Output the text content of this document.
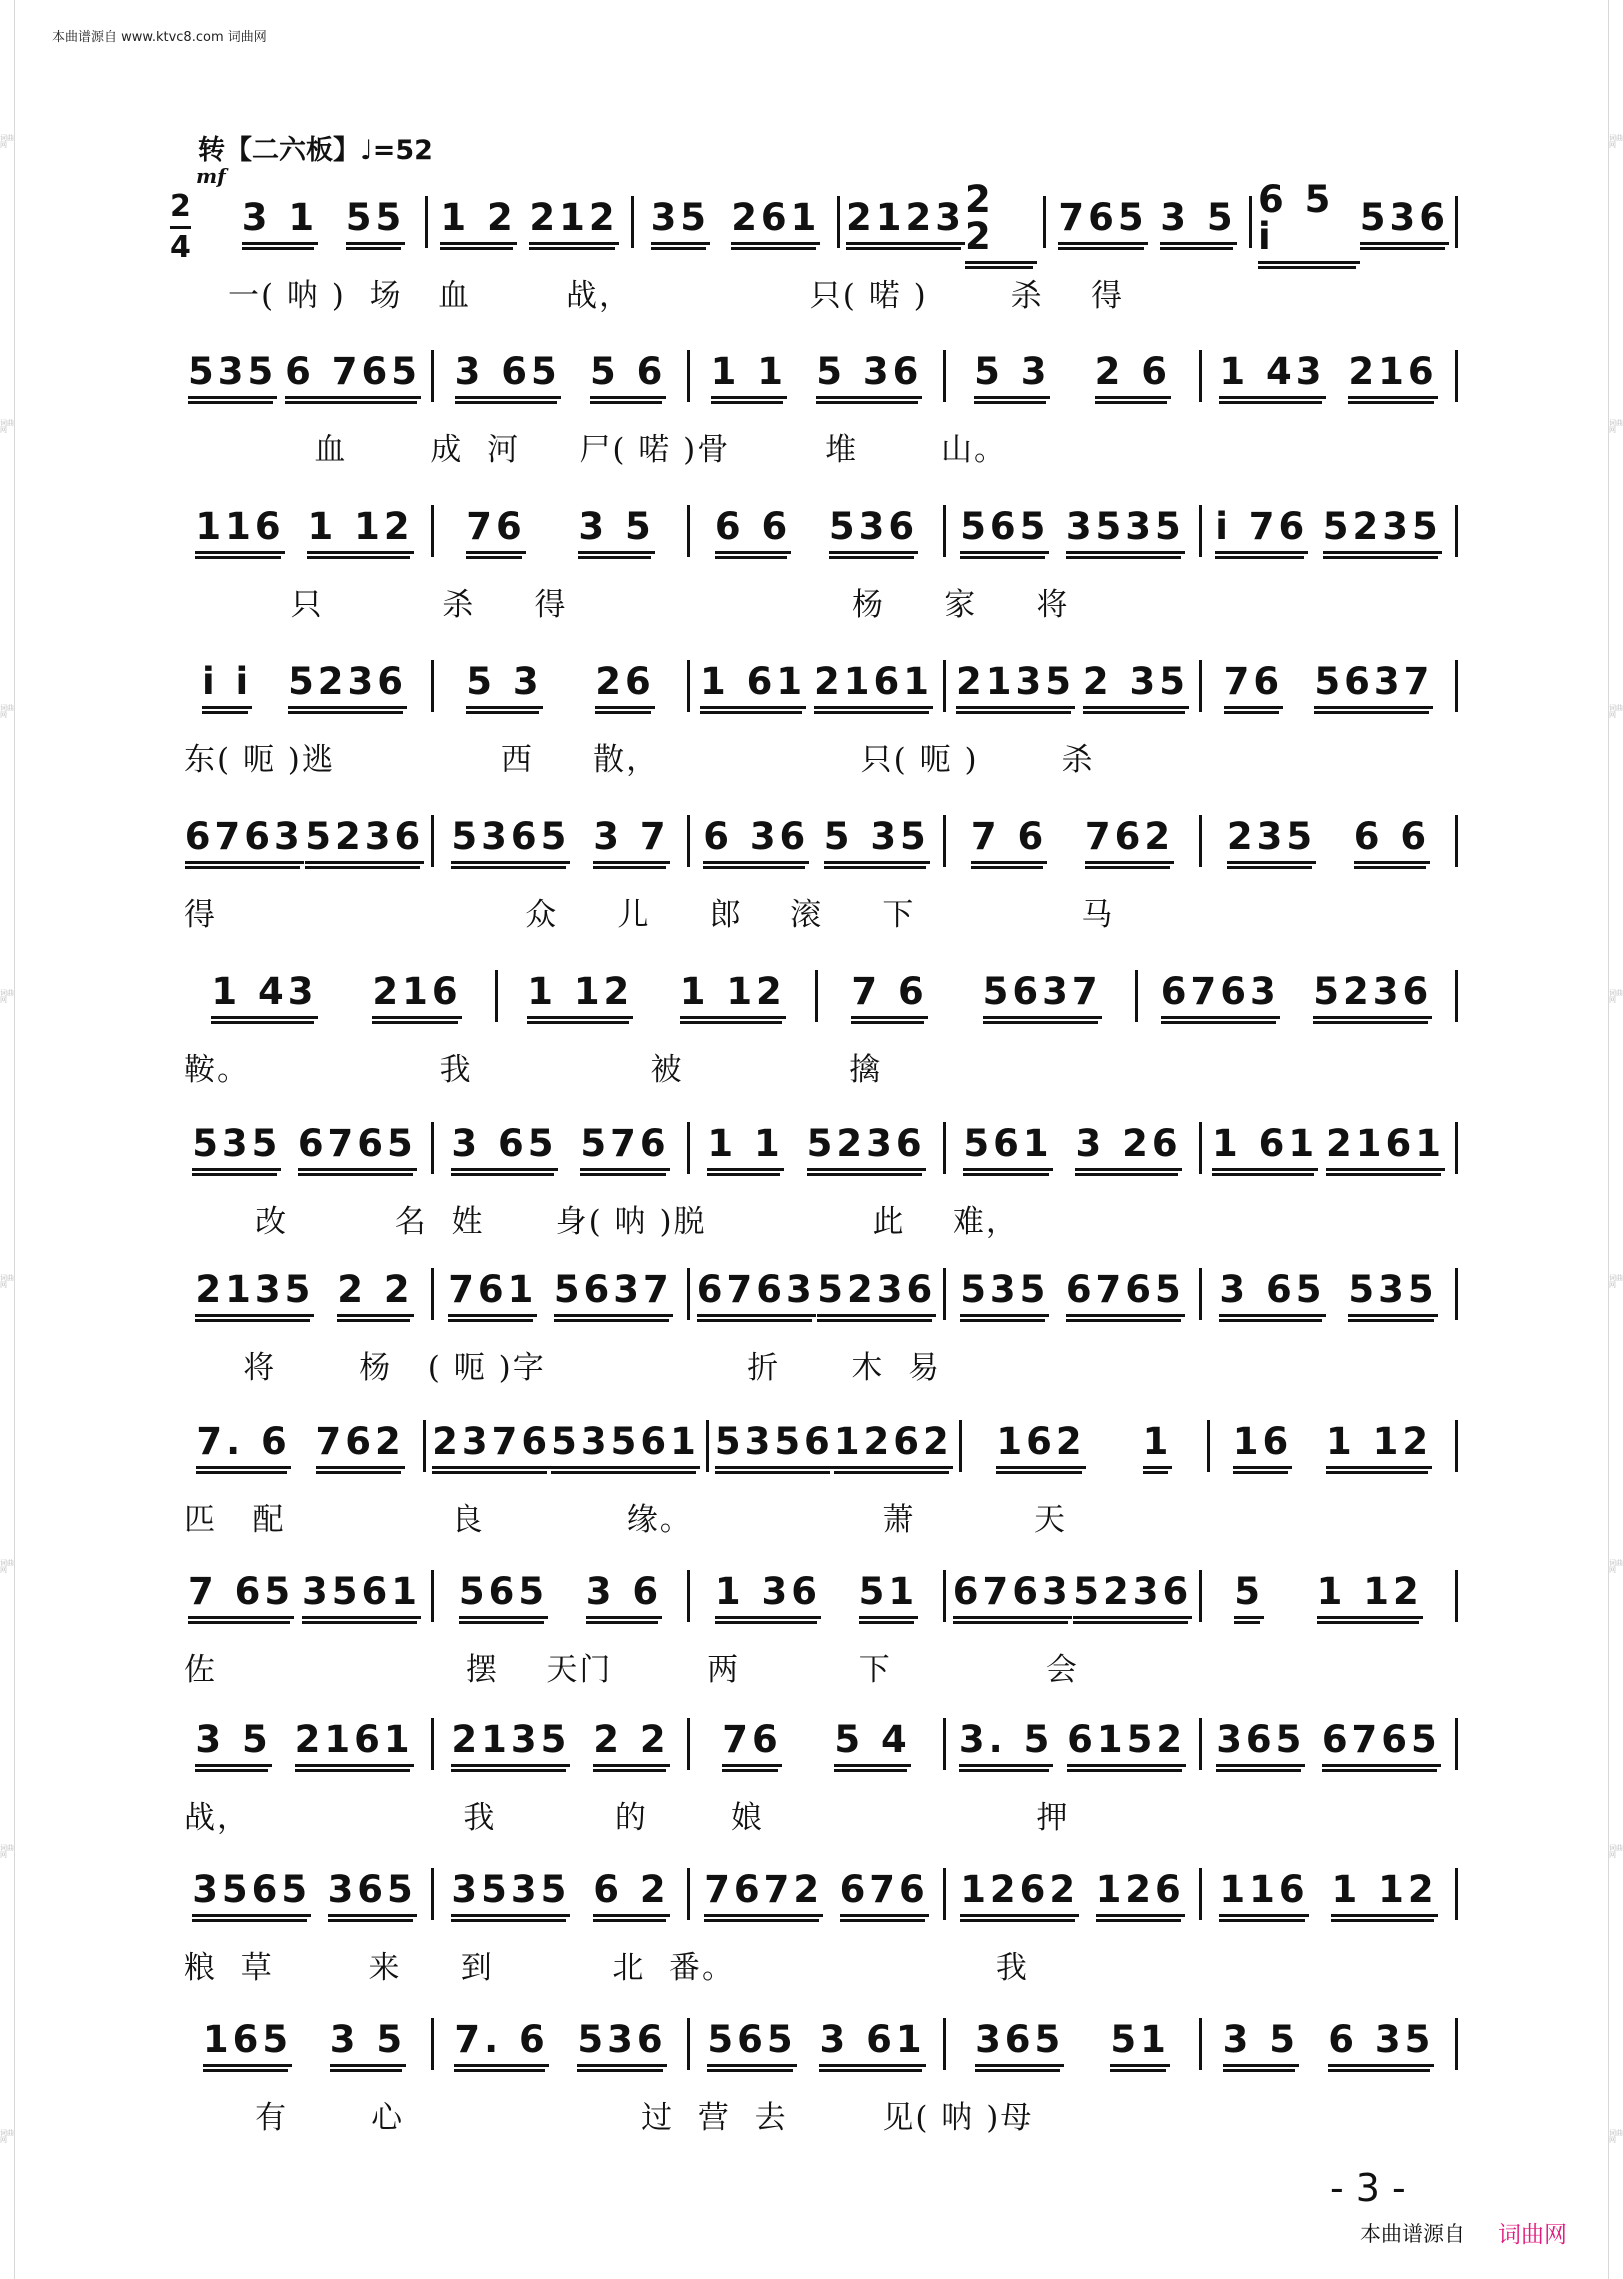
词曲网
词曲网
词曲网
词曲网
词曲网
词曲网
词曲网
词曲网
词曲网
词曲网
词曲网
词曲网
词曲网
词曲网
词曲网
词曲网
本曲谱源自 www.ktvc8.com 词曲网
转【二六板】♩=52
mf
2
4
3 1 55 1 2 212 35 261 2123 2 2	765 3 5 6 5 i	536
一( 呐 )  场   血        战，               只( 喏 )       杀    得
535 6 765 3 65 5 6 1 1 5 36 5 3 2 6 1 43 216
血       成  河     尸( 喏 )骨        堆       山。
116 1 12 76 3 5 6 6 536 565 3535 i 76 5235
只          杀     得                        杨     家     将
i i 5236 5 3 26 1 61 2161 2135 2 35 76 5637
东( 呃 )逃              西     散，                 只( 呃 )       杀
6763 5236 5365 3 7 6 36 5 35 7 6 762 235 6 6
得                          众     儿     郎    滚     下              马
1 43 216 1 12 1 12 7 6 5637 6763 5236
鞍。                我               被              擒
535 6765 3 65 576 1 1 5236 561 3 26 1 61 2161
改         名  姓      身( 呐 )脱              此    难，
2135 2 2 761 5637 6763 5236 535 6765 3 65 535
将       杨   ( 呃 )字                 折      木  易
7. 6 762 2376 53561 5356 1262 162 1 16 1 12
匹   配              良            缘。                萧          天
7 65 3561 565 3 6 1 36 51 6763 5236 5 1 12
佐                     摆    天门        两          下             会
3 5 2161 2135 2 2 76 5 4 3. 5 6152 365 6765
战，                  我          的       娘                       押
3565 365 3535 6 2 7672 676 1262 126 116 1 12
粮  草        来     到          北  番。                      我
165 3 5 7. 6 536 565 3 61 365 51 3 5 6 35
有       心                    过  营  去        见( 呐 )母
- 3 -
本曲谱源自 词曲网
